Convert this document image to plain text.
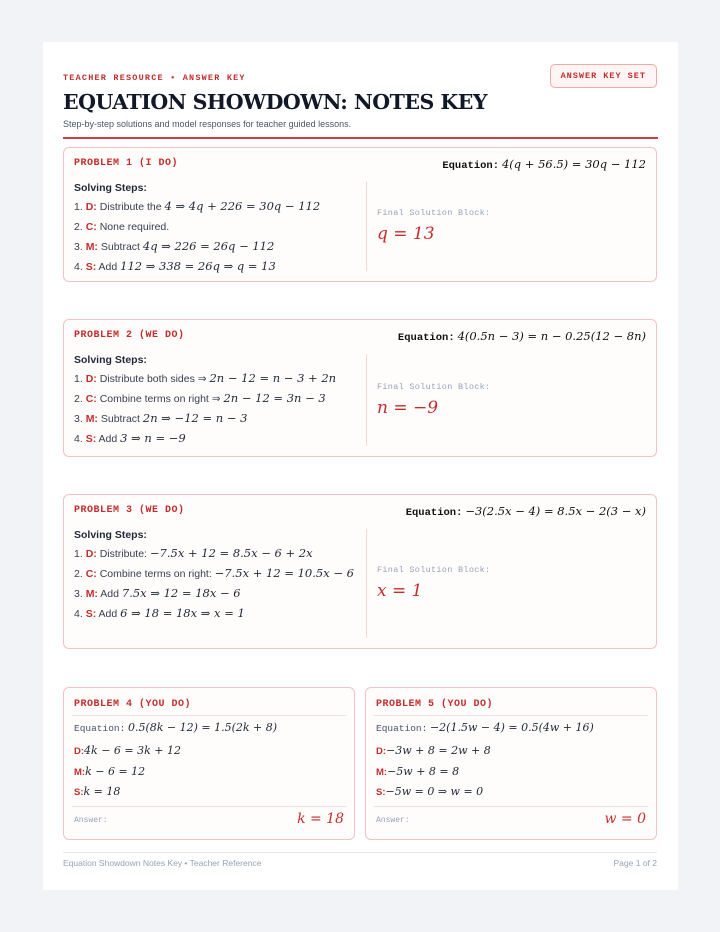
TEACHER RESOURCE • ANSWER KEY	ANSWER KEY SET
EQUATION SHOWDOWN: NOTES KEY
Step-by-step solutions and model responses for teacher guided lessons.
PROBLEM 1 (I DO)	Equation: 4(q + 56.5) = 30q − 112
Solving Steps:
1. D: Distribute the 4 ⇒ 4q + 226 = 30q − 112
2. C: None required.
3. M: Subtract 4q ⇒ 226 = 26q − 112
4. S: Add 112 ⇒ 338 = 26q ⇒ q = 13
Final Solution Block:
q = 13
PROBLEM 2 (WE DO)	Equation: 4(0.5n − 3) = n − 0.25(12 − 8n)
Solving Steps:
1. D: Distribute both sides ⇒ 2n − 12 = n − 3 + 2n
2. C: Combine terms on right ⇒ 2n − 12 = 3n − 3
3. M: Subtract 2n ⇒ −12 = n − 3
4. S: Add 3 ⇒ n = −9
Final Solution Block:
n = −9
PROBLEM 3 (WE DO)	Equation: −3(2.5x − 4) = 8.5x − 2(3 − x)
Solving Steps:
1. D: Distribute: −7.5x + 12 = 8.5x − 6 + 2x
2. C: Combine terms on right: −7.5x + 12 = 10.5x − 6
3. M: Add 7.5x ⇒ 12 = 18x − 6
4. S: Add 6 ⇒ 18 = 18x ⇒ x = 1
Final Solution Block:
x = 1
PROBLEM 4 (YOU DO)
Equation: 0.5(8k − 12) = 1.5(2k + 8)
D:4k − 6 = 3k + 12
M:k − 6 = 12
S:k = 18
Answer:	k = 18
PROBLEM 5 (YOU DO)
Equation: −2(1.5w − 4) = 0.5(4w + 16)
D:−3w + 8 = 2w + 8
M:−5w + 8 = 8
S:−5w = 0 ⇒ w = 0
Answer:	w = 0
Equation Showdown Notes Key • Teacher Reference	Page 1 of 2
